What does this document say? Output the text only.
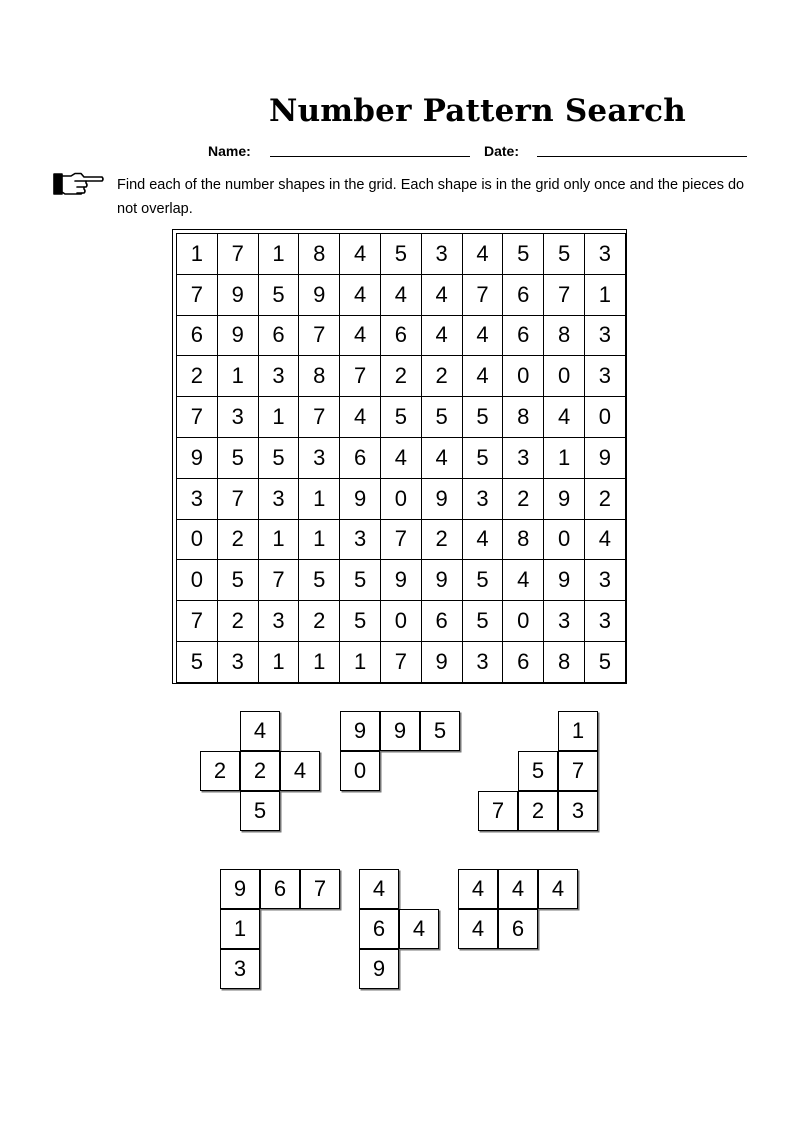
Number Pattern Search
Name:	Date:
Find each of the number shapes in the grid. Each shape is in the grid only once and the pieces do not overlap.
1	7	1	8	4	5	3	4	5	5	3
7	9	5	9	4	4	4	7	6	7	1
6	9	6	7	4	6	4	4	6	8	3
2	1	3	8	7	2	2	4	0	0	3
7	3	1	7	4	5	5	5	8	4	0
9	5	5	3	6	4	4	5	3	1	9
3	7	3	1	9	0	9	3	2	9	2
0	2	1	1	3	7	2	4	8	0	4
0	5	7	5	5	9	9	5	4	9	3
7	2	3	2	5	0	6	5	0	3	3
5	3	1	1	1	7	9	3	6	8	5
4
2	2	4
5
9	9	5
0
1
5	7
7	2	3
9	6	7
1
3
4
6	4
9
4	4	4
4	6
